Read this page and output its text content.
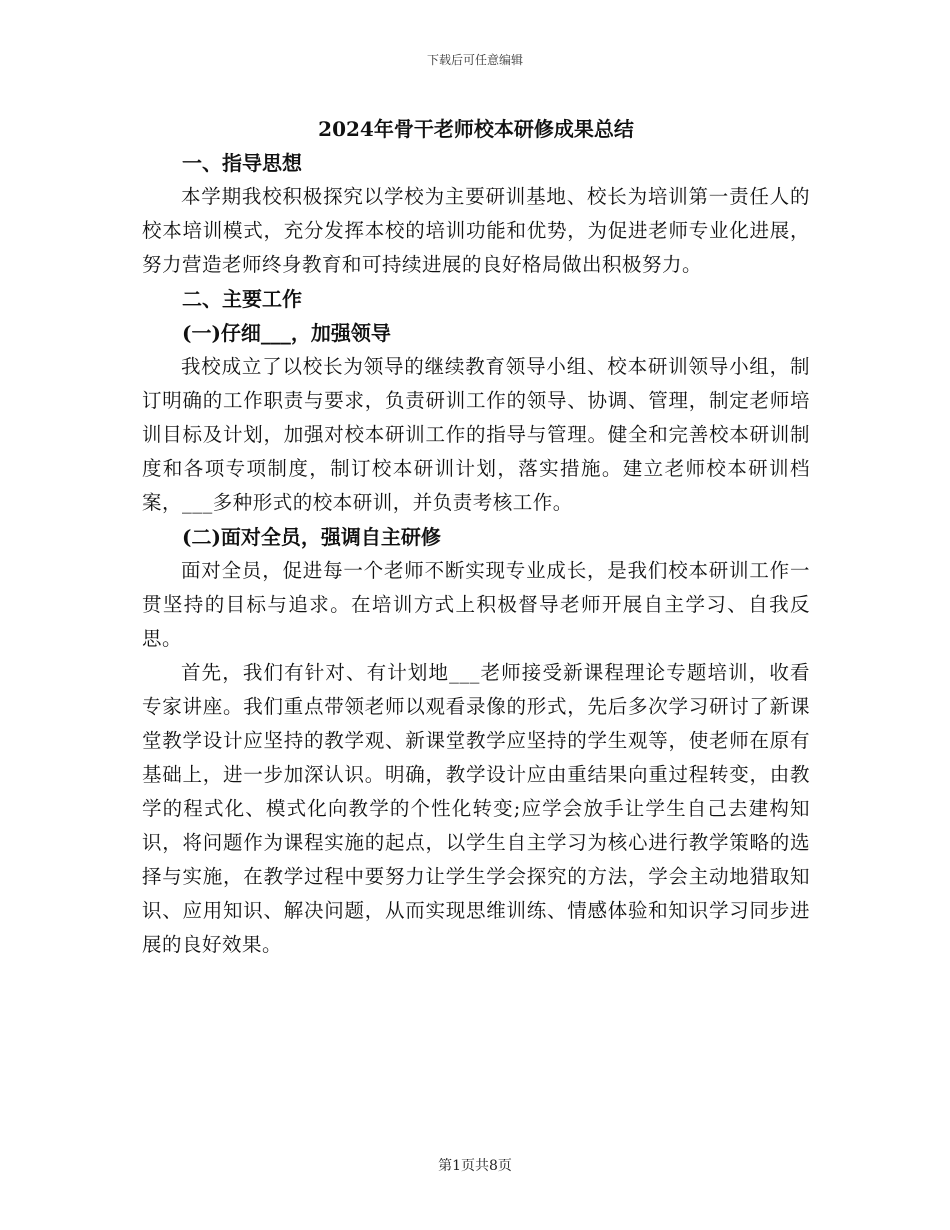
下载后可任意编辑
2024年骨干老师校本研修成果总结
一、指导思想

本学期我校积极探究以学校为主要研训基地、校长为培训第一责任人的校本培训模式，充分发挥本校的培训功能和优势，为促进老师专业化进展，努力营造老师终身教育和可持续进展的良好格局做出积极努力。

二、主要工作
(一)仔细___，加强领导

我校成立了以校长为领导的继续教育领导小组、校本研训领导小组，制订明确的工作职责与要求，负责研训工作的领导、协调、管理，制定老师培训目标及计划，加强对校本研训工作的指导与管理。健全和完善校本研训制度和各项专项制度，制订校本研训计划，落实措施。建立老师校本研训档案，___多种形式的校本研训，并负责考核工作。

(二)面对全员，强调自主研修

面对全员，促进每一个老师不断实现专业成长，是我们校本研训工作一贯坚持的目标与追求。在培训方式上积极督导老师开展自主学习、自我反思。

首先，我们有针对、有计划地___老师接受新课程理论专题培训，收看专家讲座。我们重点带领老师以观看录像的形式，先后多次学习研讨了新课堂教学设计应坚持的教学观、新课堂教学应坚持的学生观等，使老师在原有基础上，进一步加深认识。明确，教学设计应由重结果向重过程转变，由教学的程式化、模式化向教学的个性化转变;应学会放手让学生自己去建构知识，将问题作为课程实施的起点，以学生自主学习为核心进行教学策略的选择与实施，在教学过程中要努力让学生学会探究的方法，学会主动地猎取知识、应用知识、解决问题，从而实现思维训练、情感体验和知识学习同步进展的良好效果。

第1页共8页
